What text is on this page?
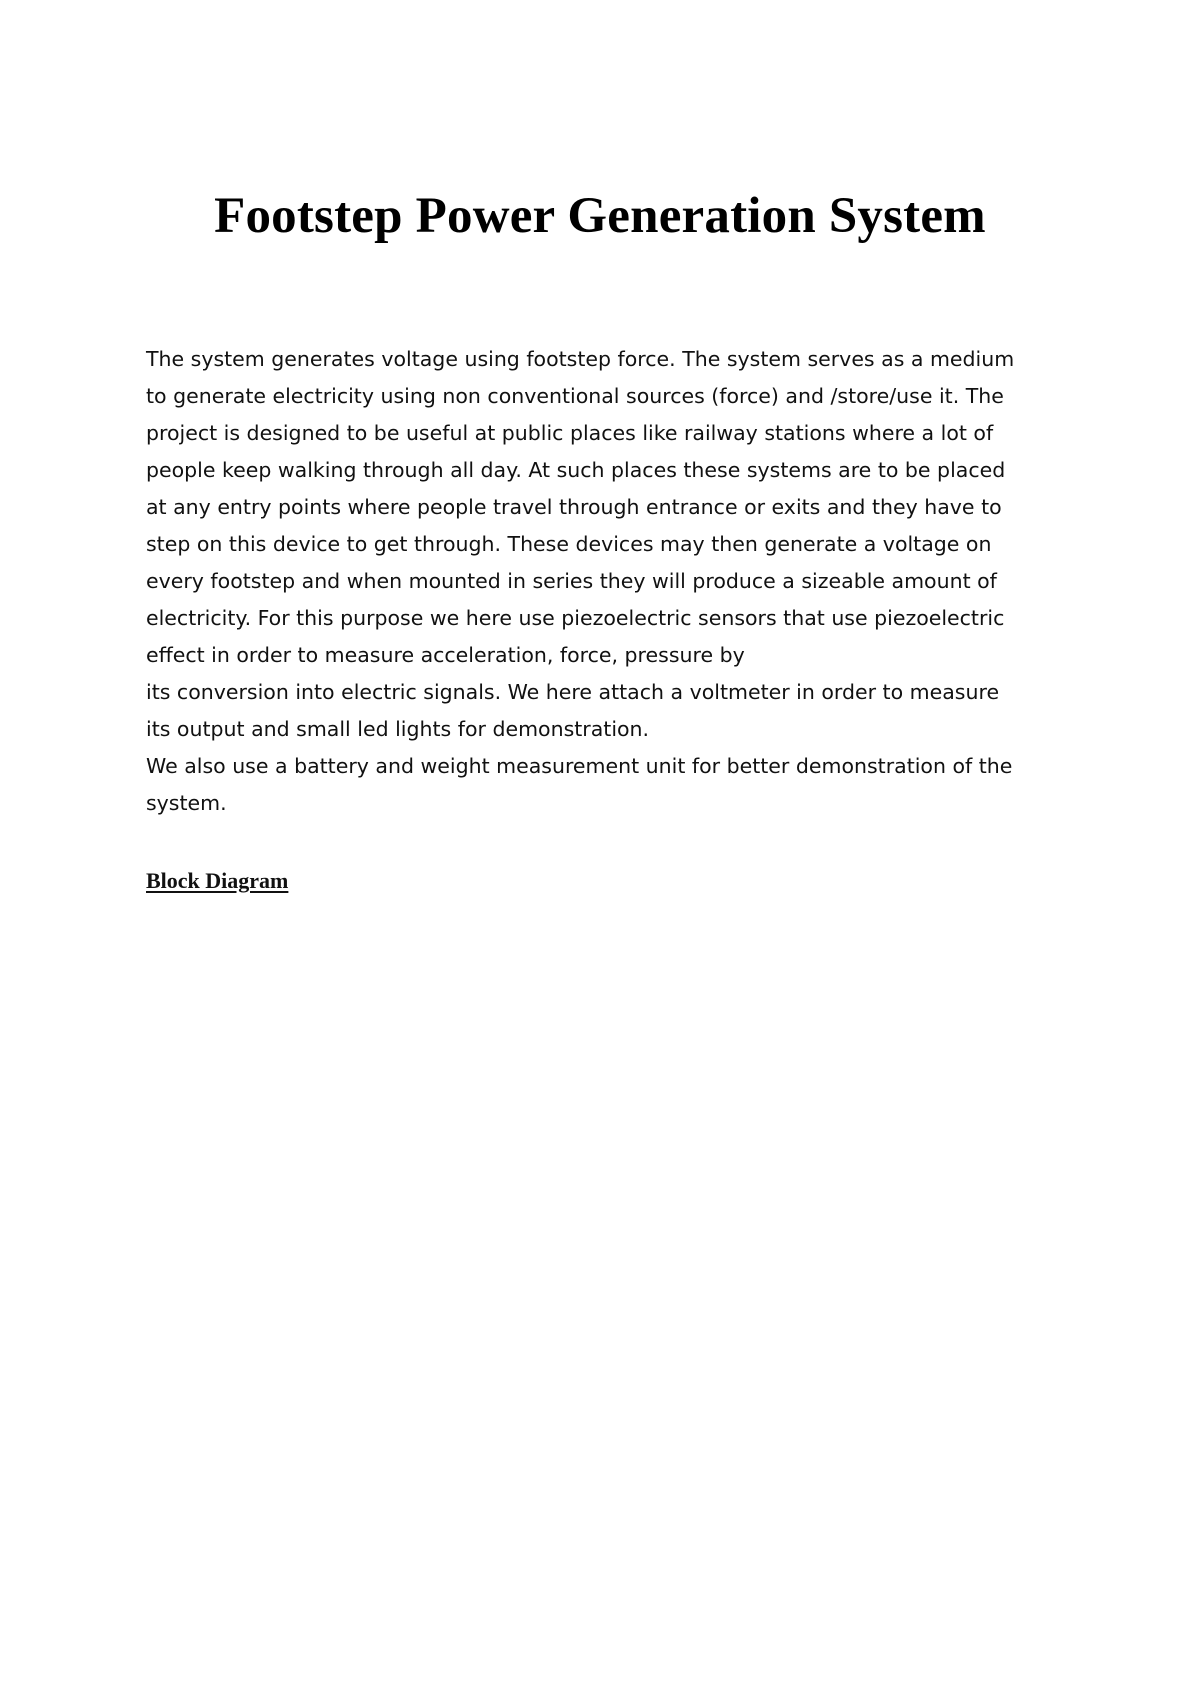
Footstep Power Generation System
The system generates voltage using footstep force. The system serves as a medium
to generate electricity using non conventional sources (force) and /store/use it. The
project is designed to be useful at public places like railway stations where a lot of
people keep walking through all day. At such places these systems are to be placed
at any entry points where people travel through entrance or exits and they have to
step on this device to get through. These devices may then generate a voltage on
every footstep and when mounted in series they will produce a sizeable amount of
electricity. For this purpose we here use piezoelectric sensors that use piezoelectric
effect in order to measure acceleration, force, pressure by
its conversion into electric signals. We here attach a voltmeter in order to measure
its output and small led lights for demonstration.
We also use a battery and weight measurement unit for better demonstration of the
system.
Block Diagram
